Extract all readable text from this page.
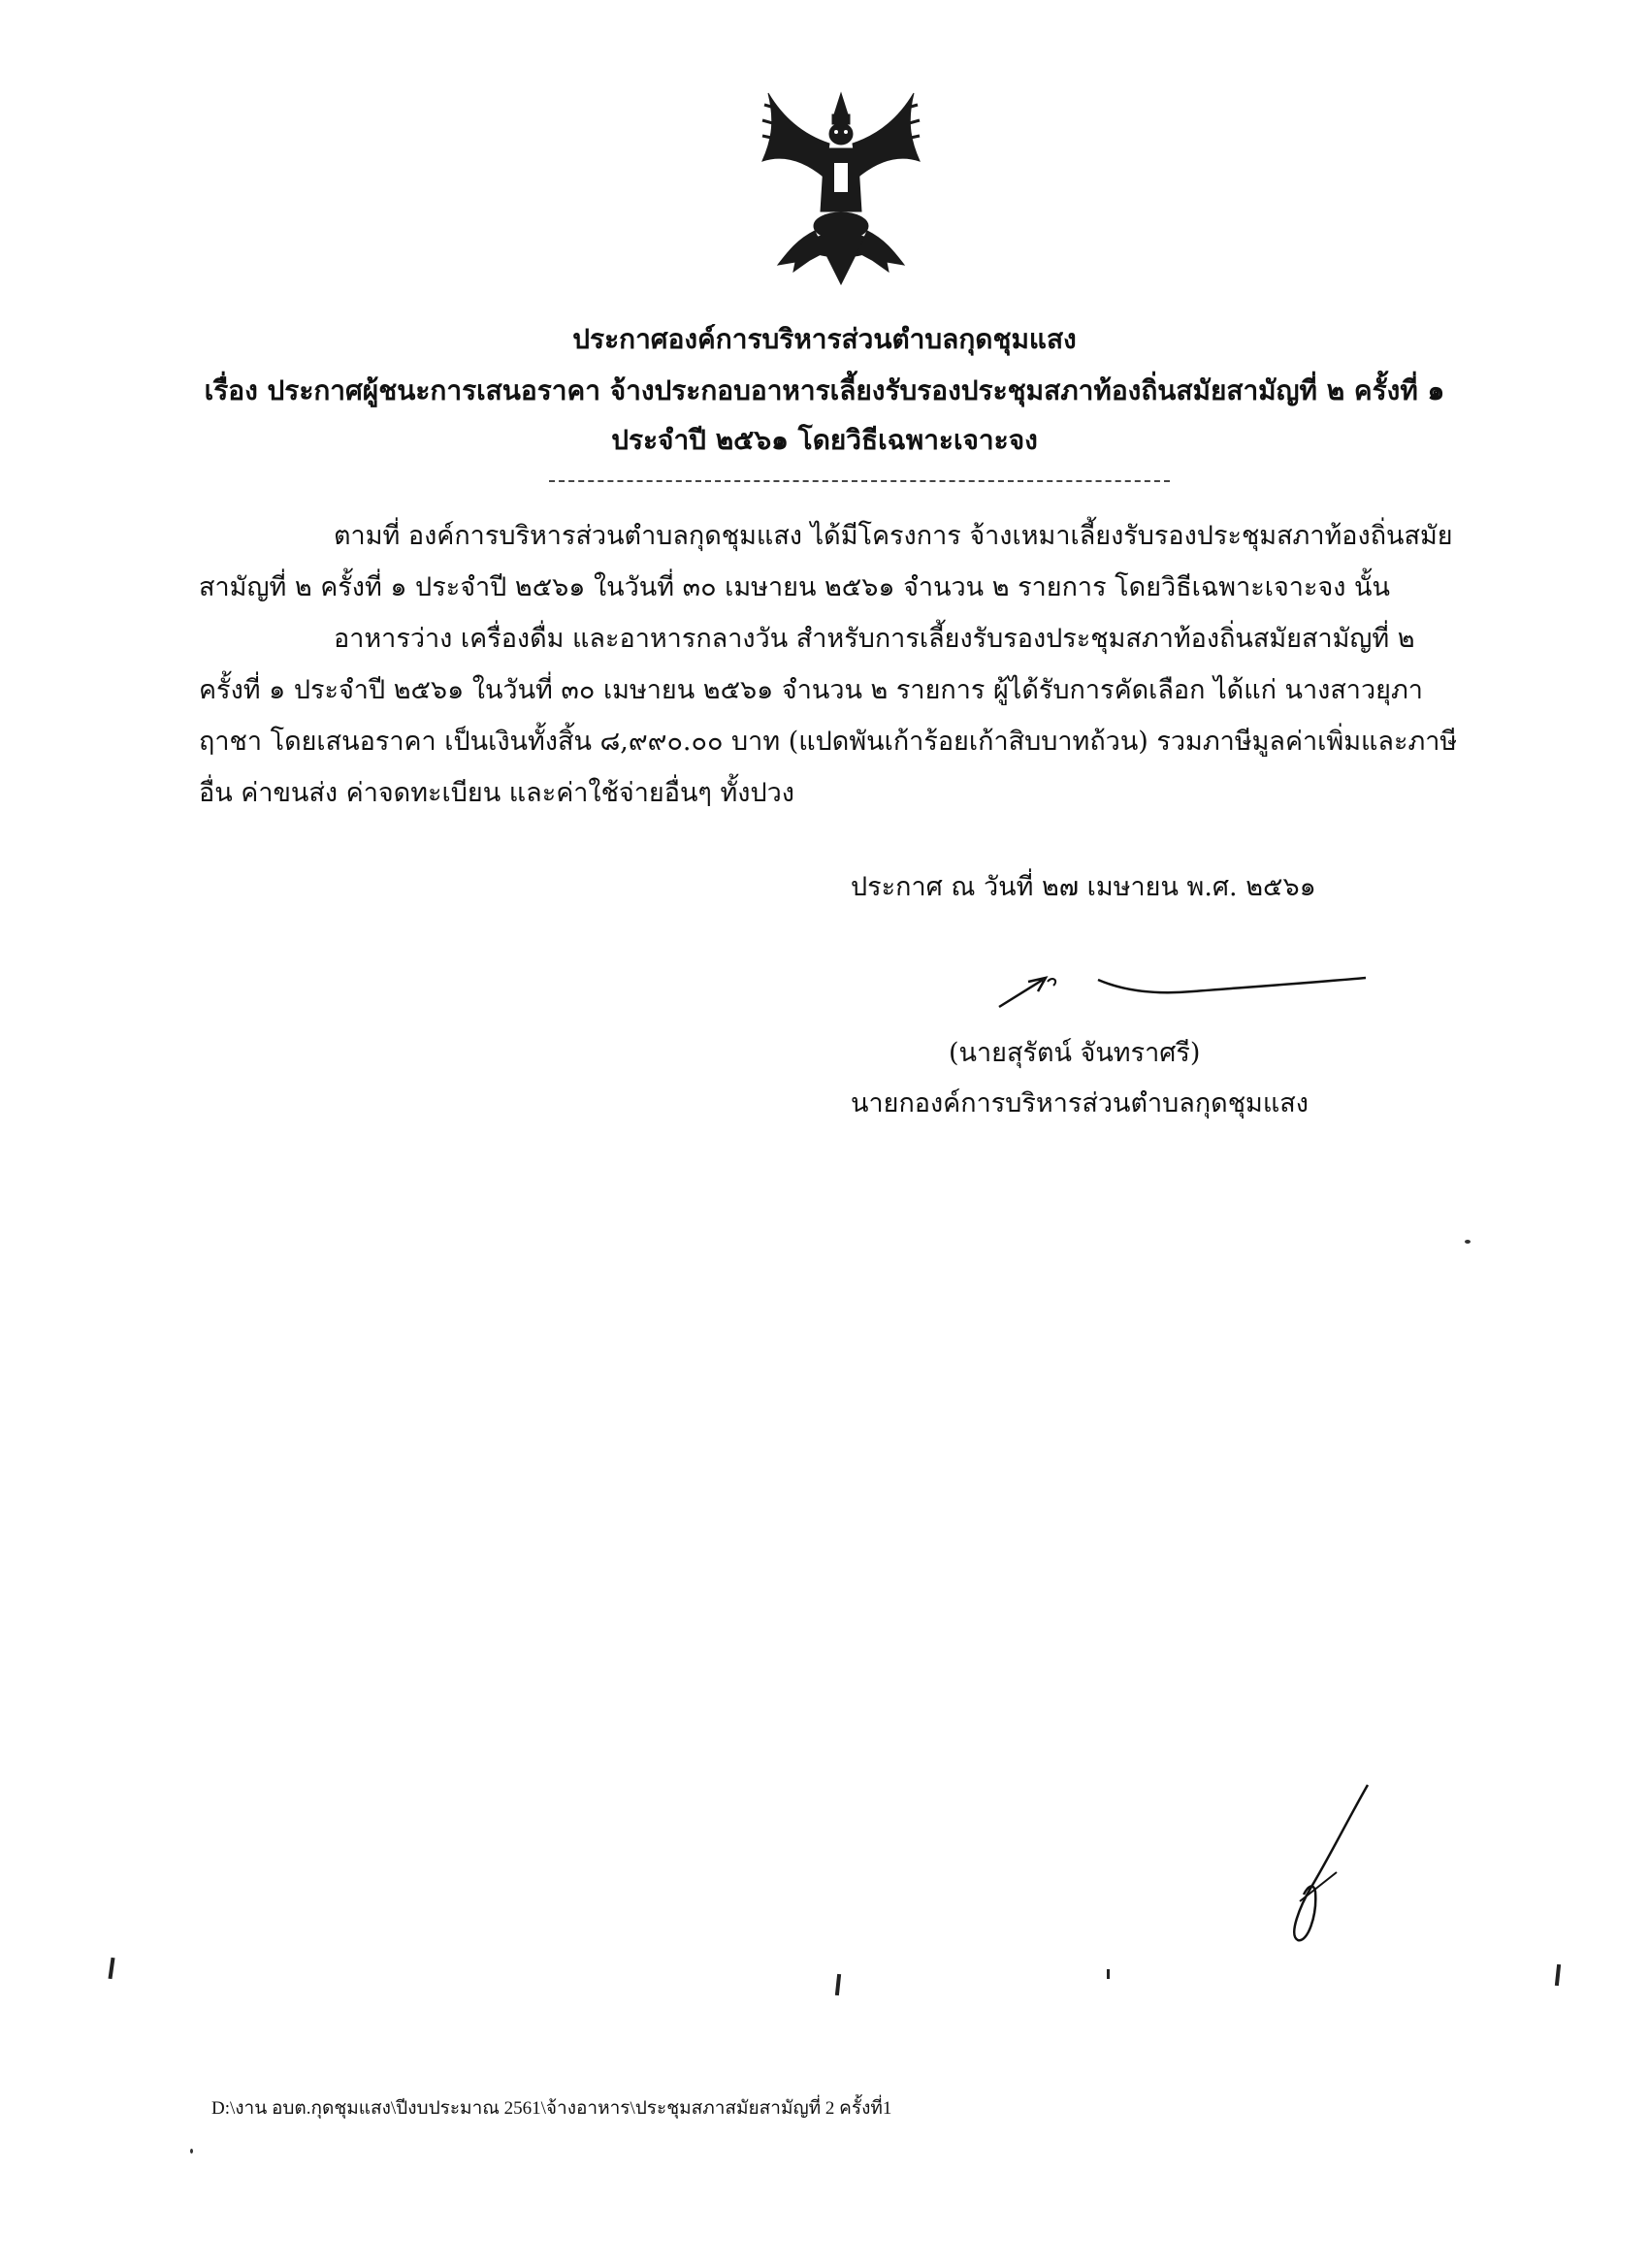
ประกาศองค์การบริหารส่วนตำบลกุดชุมแสง
เรื่อง ประกาศผู้ชนะการเสนอราคา จ้างประกอบอาหารเลี้ยงรับรองประชุมสภาท้องถิ่นสมัยสามัญที่ ๒ ครั้งที่ ๑
ประจำปี ๒๕๖๑ โดยวิธีเฉพาะเจาะจง
ตามที่ องค์การบริหารส่วนตำบลกุดชุมแสง ได้มีโครงการ จ้างเหมาเลี้ยงรับรองประชุมสภาท้องถิ่นสมัย
สามัญที่ ๒ ครั้งที่ ๑ ประจำปี ๒๕๖๑ ในวันที่ ๓๐ เมษายน ๒๕๖๑ จำนวน ๒ รายการ โดยวิธีเฉพาะเจาะจง นั้น
อาหารว่าง เครื่องดื่ม และอาหารกลางวัน สำหรับการเลี้ยงรับรองประชุมสภาท้องถิ่นสมัยสามัญที่ ๒
ครั้งที่ ๑ ประจำปี ๒๕๖๑ ในวันที่ ๓๐ เมษายน ๒๕๖๑ จำนวน ๒ รายการ ผู้ได้รับการคัดเลือก ได้แก่ นางสาวยุภา
ฤาชา โดยเสนอราคา เป็นเงินทั้งสิ้น ๘,๙๙๐.๐๐ บาท (แปดพันเก้าร้อยเก้าสิบบาทถ้วน) รวมภาษีมูลค่าเพิ่มและภาษี
อื่น ค่าขนส่ง ค่าจดทะเบียน และค่าใช้จ่ายอื่นๆ ทั้งปวง
ประกาศ ณ วันที่ ๒๗ เมษายน พ.ศ. ๒๕๖๑
(นายสุรัตน์ จันทราศรี)
นายกองค์การบริหารส่วนตำบลกุดชุมแสง
D:\งาน อบต.กุดชุมแสง\ปีงบประมาณ 2561\จ้างอาหาร\ประชุมสภาสมัยสามัญที่ 2 ครั้งที่1
